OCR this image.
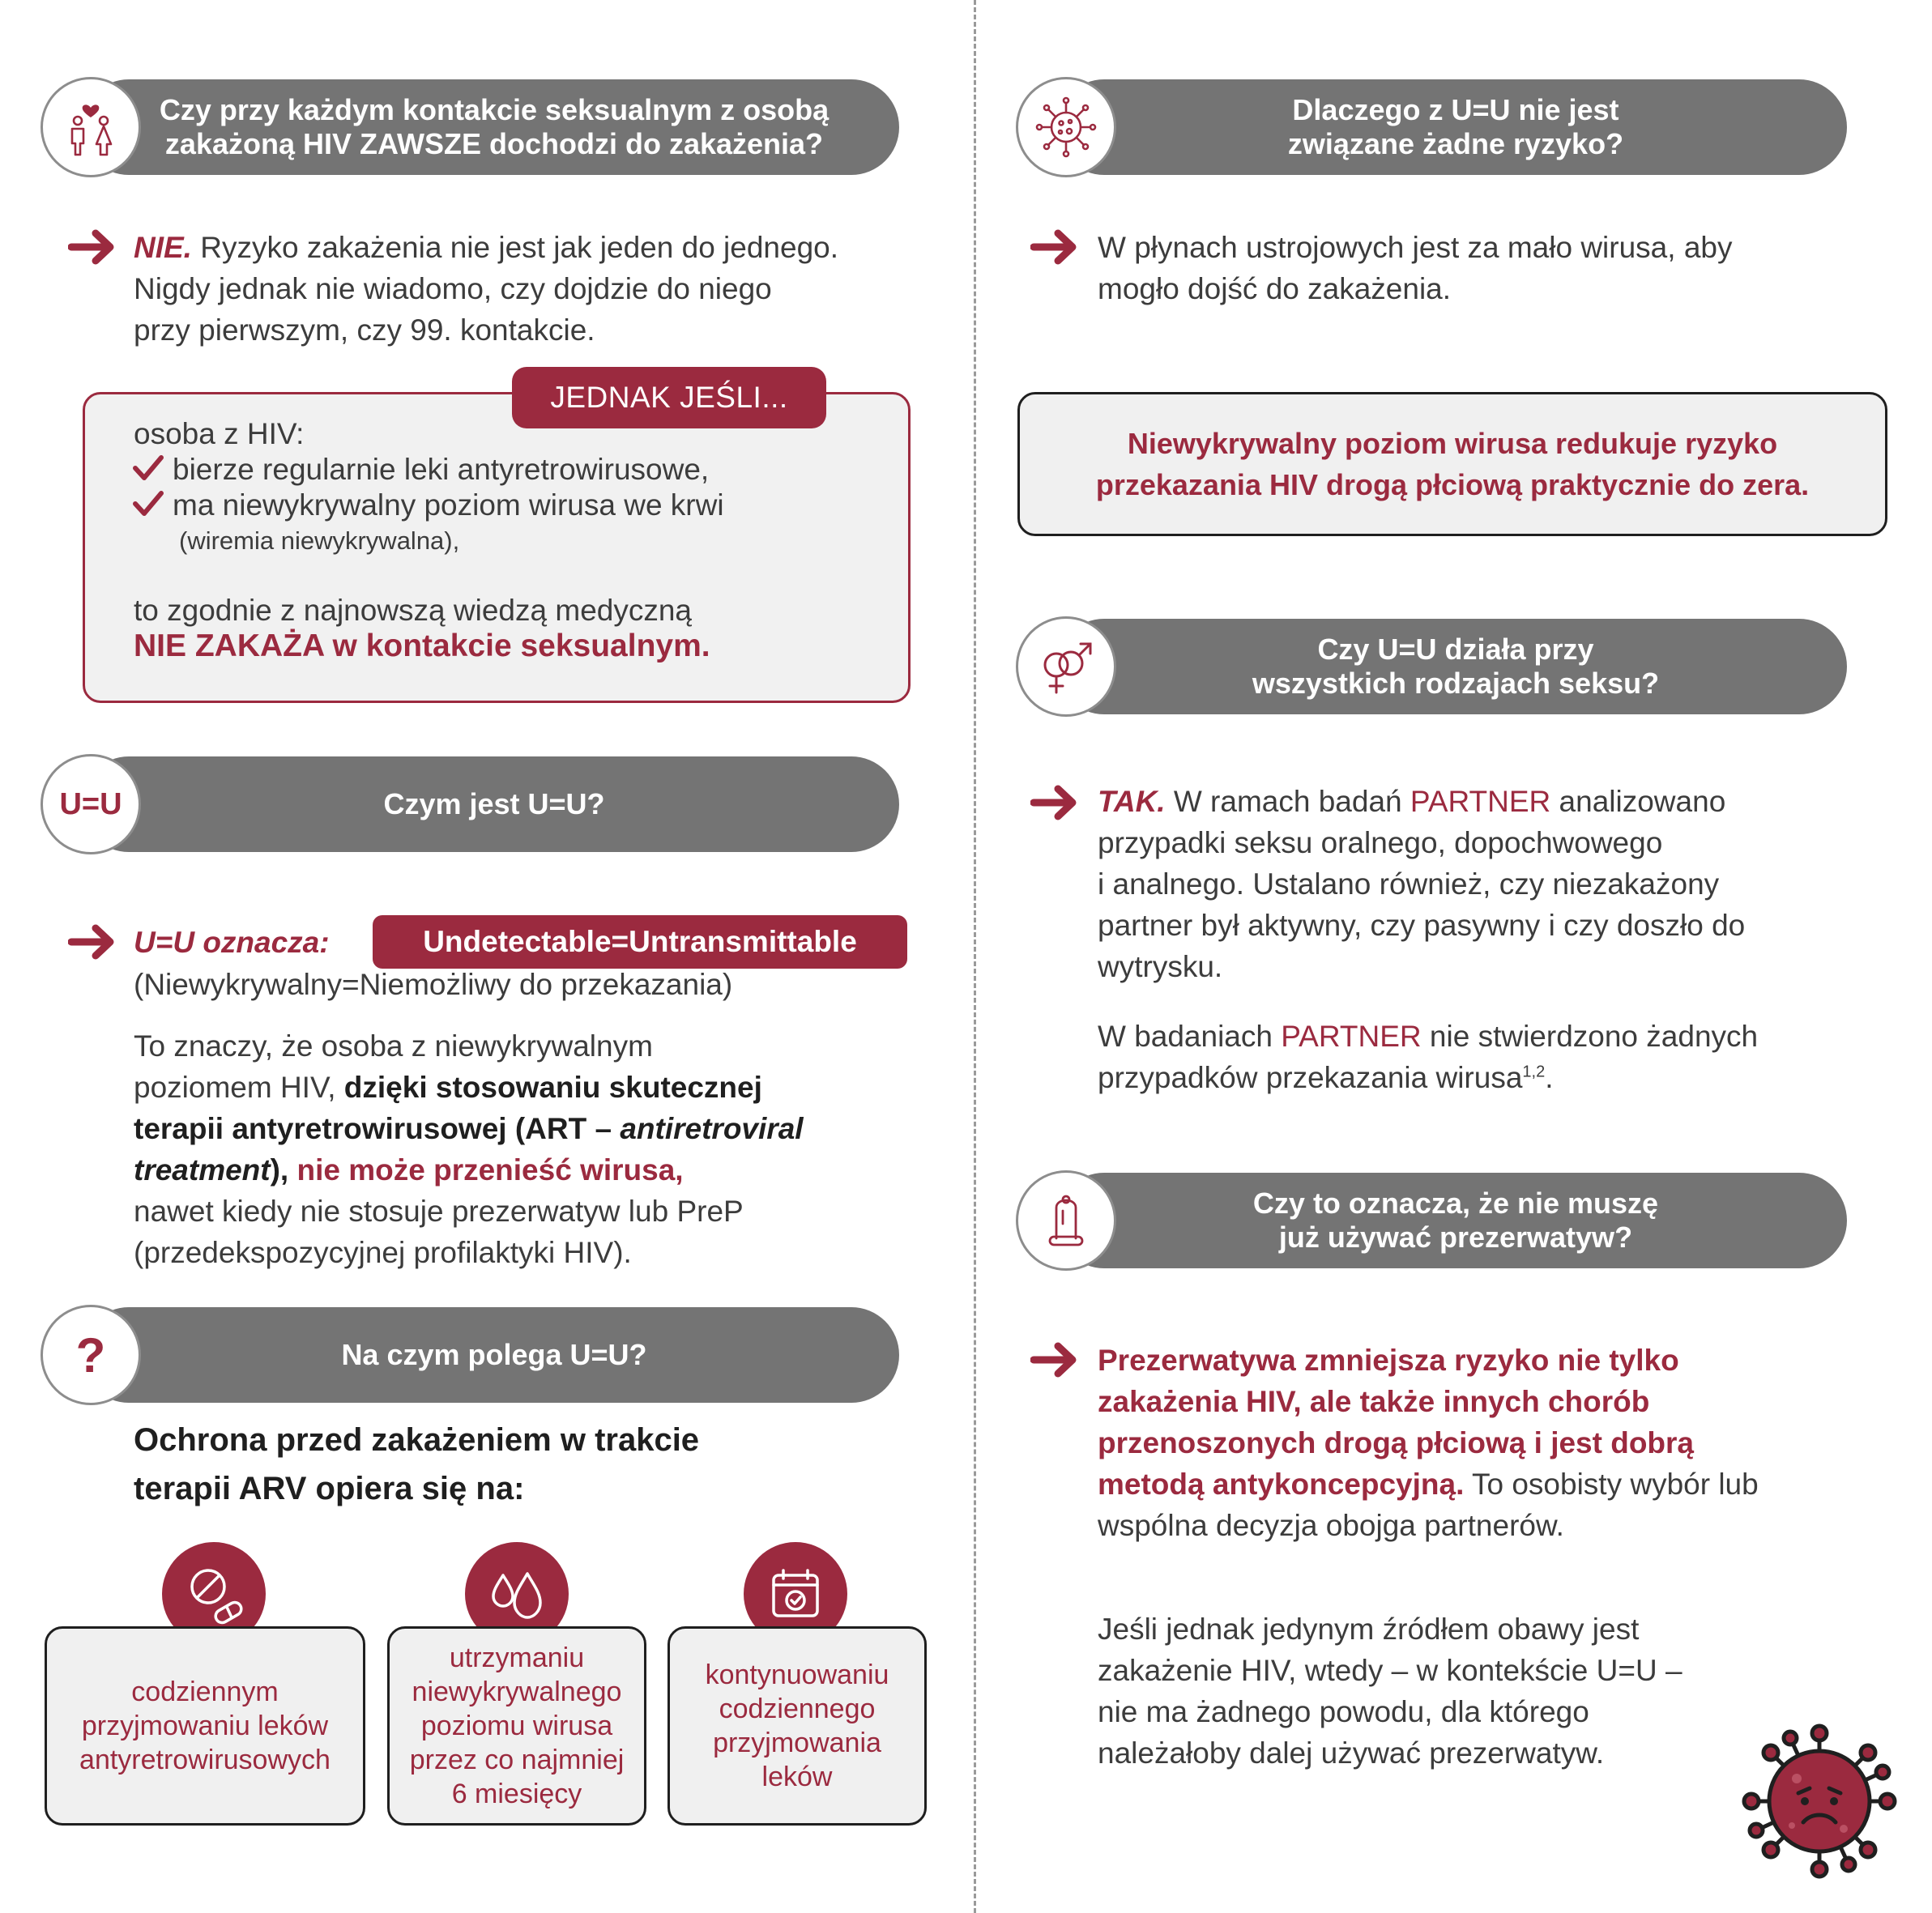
Czy przy każdym kontakcie seksualnym z osobą
zakażoną HIV ZAWSZE dochodzi do zakażenia?
NIE. Ryzyko zakażenia nie jest jak jeden do jednego.
Nigdy jednak nie wiadomo, czy dojdzie do niego
przy pierwszym, czy 99. kontakcie.
JEDNAK JEŚLI...
osoba z HIV:
bierze regularnie leki antyretrowirusowe,
ma niewykrywalny poziom wirusa we krwi
(wiremia niewykrywalna),
to zgodnie z najnowszą wiedzą medyczną
NIE ZAKAŻA w kontakcie seksualnym.
Czym jest U=U?
U=U
U=U oznacza:	Undetectable=Untransmittable
(Niewykrywalny=Niemożliwy do przekazania)
To znaczy, że osoba z niewykrywalnym
poziomem HIV, dzięki stosowaniu skutecznej
terapii antyretrowirusowej (ART – antiretroviral
treatment), nie może przenieść wirusa,
nawet kiedy nie stosuje prezerwatyw lub PreP
(przedekspozycyjnej profilaktyki HIV).
Na czym polega U=U?
?
Ochrona przed zakażeniem w trakcie
terapii ARV opiera się na:
codziennym
przyjmowaniu leków
antyretrowirusowych
utrzymaniu
niewykrywalnego
poziomu wirusa
przez co najmniej
6 miesięcy
kontynuowaniu
codziennego
przyjmowania
leków
Dlaczego z U=U nie jest
związane żadne ryzyko?
W płynach ustrojowych jest za mało wirusa, aby
mogło dojść do zakażenia.
Niewykrywalny poziom wirusa redukuje ryzyko
przekazania HIV drogą płciową praktycznie do zera.
Czy U=U działa przy
wszystkich rodzajach seksu?
TAK. W ramach badań PARTNER analizowano
przypadki seksu oralnego, dopochwowego
i analnego. Ustalano również, czy niezakażony
partner był aktywny, czy pasywny i czy doszło do
wytrysku.
W badaniach PARTNER nie stwierdzono żadnych
przypadków przekazania wirusa$^{1,2}$.
Czy to oznacza, że nie muszę
już używać prezerwatyw?
Prezerwatywa zmniejsza ryzyko nie tylko
zakażenia HIV, ale także innych chorób
przenoszonych drogą płciową i jest dobrą
metodą antykoncepcyjną. To osobisty wybór lub
wspólna decyzja obojga partnerów.
Jeśli jednak jedynym źródłem obawy jest
zakażenie HIV, wtedy – w kontekście U=U –
nie ma żadnego powodu, dla którego
należałoby dalej używać prezerwatyw.
